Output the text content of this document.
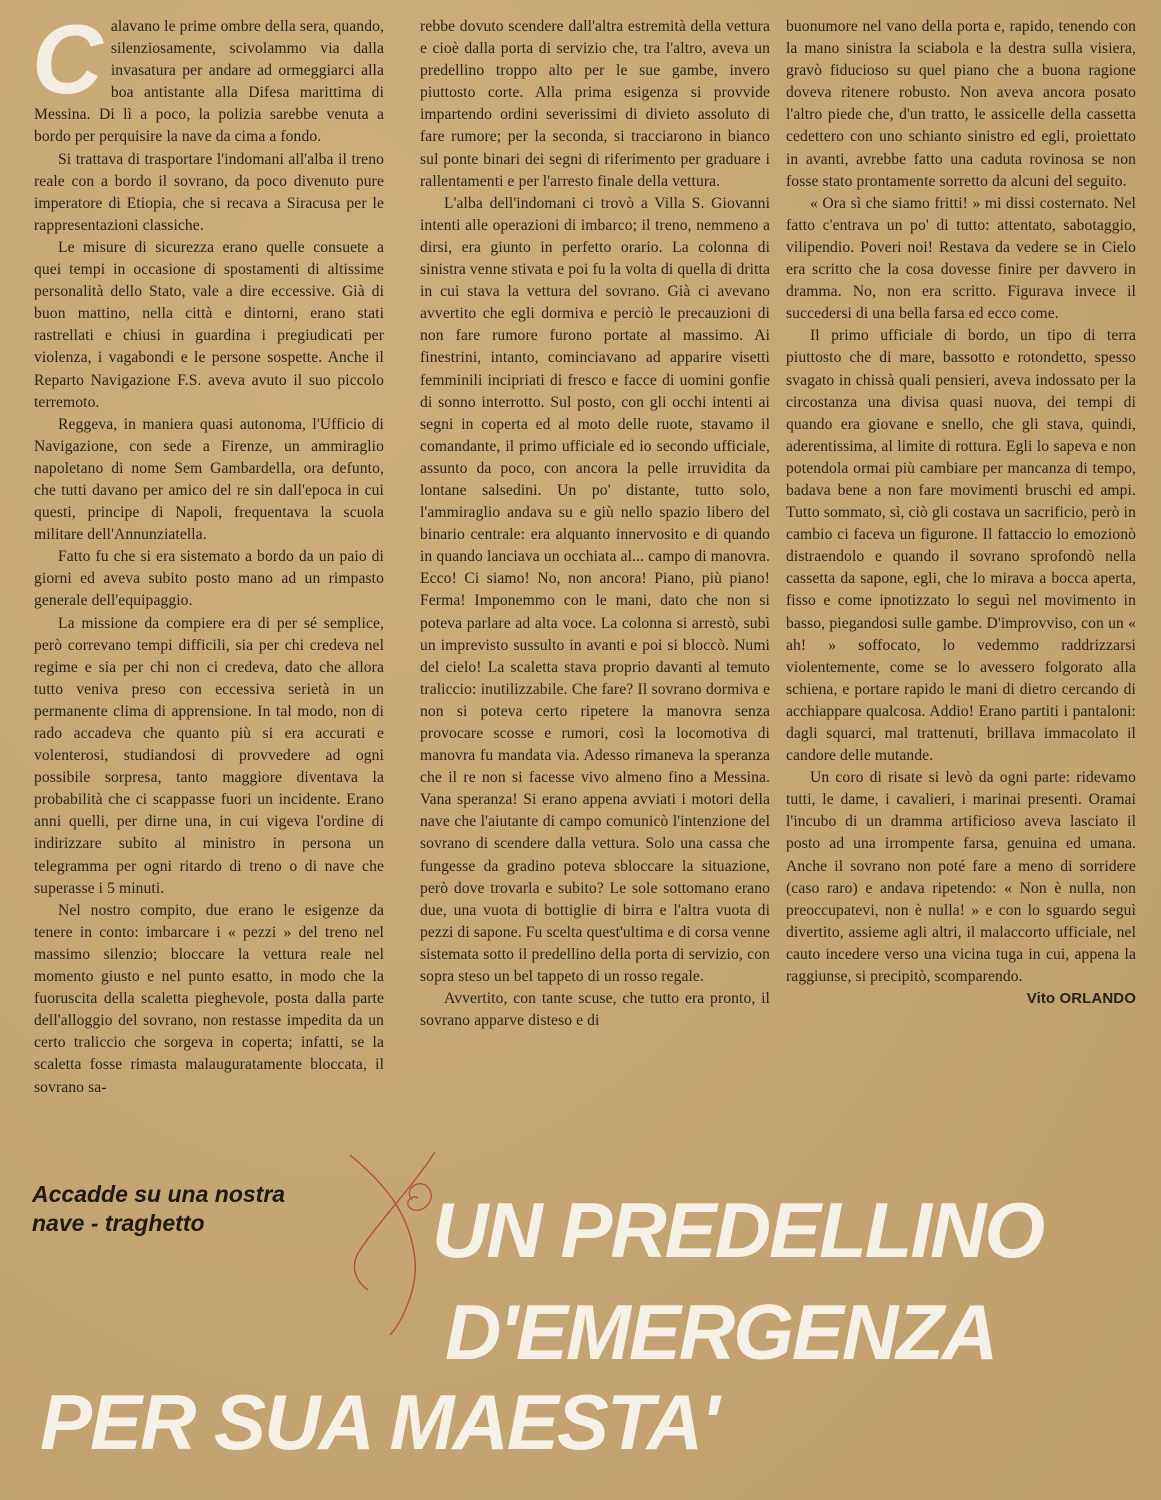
C alavano le prime ombre della sera, quando, silenziosamente, scivolammo via dalla invasatura per andare ad ormeggiarci alla boa antistante alla Difesa marittima di Messina. Di lì a poco, la polizia sarebbe venuta a bordo per perquisire la nave da cima a fondo.

Si trattava di trasportare l'indomani all'alba il treno reale con a bordo il sovrano, da poco divenuto pure imperatore di Etiopia, che si recava a Siracusa per le rappresentazioni classiche.

Le misure di sicurezza erano quelle consuete a quei tempi in occasione di spostamenti di altissime personalità dello Stato, vale a dire eccessive. Già di buon mattino, nella città e dintorni, erano stati rastrellati e chiusi in guardina i pregiudicati per violenza, i vagabondi e le persone sospette. Anche il Reparto Navigazione F.S. aveva avuto il suo piccolo terremoto.

Reggeva, in maniera quasi autonoma, l'Ufficio di Navigazione, con sede a Firenze, un ammiraglio napoletano di nome Sem Gambardella, ora defunto, che tutti davano per amico del re sin dall'epoca in cui questi, principe di Napoli, frequentava la scuola militare dell'Annunziatella.

Fatto fu che si era sistemato a bordo da un paio di giorni ed aveva subito posto mano ad un rimpasto generale dell'equipaggio.

La missione da compiere era di per sé semplice, però correvano tempi difficili, sia per chi credeva nel regime e sia per chi non ci credeva, dato che allora tutto veniva preso con eccessiva serietà in un permanente clima di apprensione. In tal modo, non di rado accadeva che quanto più si era accurati e volenterosi, studiandosi di provvedere ad ogni possibile sorpresa, tanto maggiore diventava la probabilità che ci scappasse fuori un incidente. Erano anni quelli, per dirne una, in cui vigeva l'ordine di indirizzare subito al ministro in persona un telegramma per ogni ritardo di treno o di nave che superasse i 5 minuti.

Nel nostro compito, due erano le esigenze da tenere in conto: imbarcare i « pezzi » del treno nel massimo silenzio; bloccare la vettura reale nel momento giusto e nel punto esatto, in modo che la fuoruscita della scaletta pieghevole, posta dalla parte dell'alloggio del sovrano, non restasse impedita da un certo traliccio che sorgeva in coperta; infatti, se la scaletta fosse rimasta malauguratamente bloccata, il sovrano sa-

rebbe dovuto scendere dall'altra estremità della vettura e cioè dalla porta di servizio che, tra l'altro, aveva un predellino troppo alto per le sue gambe, invero piuttosto corte. Alla prima esigenza si provvide impartendo ordini severissimi di divieto assoluto di fare rumore; per la seconda, si tracciarono in bianco sul ponte binari dei segni di riferimento per graduare i rallentamenti e per l'arresto finale della vettura.

L'alba dell'indomani ci trovò a Villa S. Giovanni intenti alle operazioni di imbarco; il treno, nemmeno a dirsi, era giunto in perfetto orario. La colonna di sinistra venne stivata e poi fu la volta di quella di dritta in cui stava la vettura del sovrano. Già ci avevano avvertito che egli dormiva e perciò le precauzioni di non fare rumore furono portate al massimo. Ai finestrini, intanto, cominciavano ad apparire visetti femminili incipriati di fresco e facce di uomini gonfie di sonno interrotto. Sul posto, con gli occhi intenti ai segni in coperta ed al moto delle ruote, stavamo il comandante, il primo ufficiale ed io secondo ufficiale, assunto da poco, con ancora la pelle irruvidita da lontane salsedini. Un po' distante, tutto solo, l'ammiraglio andava su e giù nello spazio libero del binario centrale: era alquanto innervosito e di quando in quando lanciava un occhiata al... campo di manovra. Ecco! Ci siamo! No, non ancora! Piano, più piano! Ferma! Imponemmo con le mani, dato che non si poteva parlare ad alta voce. La colonna si arrestò, subì un imprevisto sussulto in avanti e poi si bloccò. Numi del cielo! La scaletta stava proprio davanti al temuto traliccio: inutilizzabile. Che fare? Il sovrano dormiva e non si poteva certo ripetere la manovra senza provocare scosse e rumori, così la locomotiva di manovra fu mandata via. Adesso rimaneva la speranza che il re non si facesse vivo almeno fino a Messina. Vana speranza! Si erano appena avviati i motori della nave che l'aiutante di campo comunicò l'intenzione del sovrano di scendere dalla vettura. Solo una cassa che fungesse da gradino poteva sbloccare la situazione, però dove trovarla e subito? Le sole sottomano erano due, una vuota di bottiglie di birra e l'altra vuota di pezzi di sapone. Fu scelta quest'ultima e di corsa venne sistemata sotto il predellino della porta di servizio, con sopra steso un bel tappeto di un rosso regale.

Avvertito, con tante scuse, che tutto era pronto, il sovrano apparve disteso e di

buonumore nel vano della porta e, rapido, tenendo con la mano sinistra la sciabola e la destra sulla visiera, gravò fiducioso su quel piano che a buona ragione doveva ritenere robusto. Non aveva ancora posato l'altro piede che, d'un tratto, le assicelle della cassetta cedettero con uno schianto sinistro ed egli, proiettato in avanti, avrebbe fatto una caduta rovinosa se non fosse stato prontamente sorretto da alcuni del seguito.

« Ora sì che siamo fritti! » mi dissi costernato. Nel fatto c'entrava un po' di tutto: attentato, sabotaggio, vilipendio. Poveri noi! Restava da vedere se in Cielo era scritto che la cosa dovesse finire per davvero in dramma. No, non era scritto. Figurava invece il succedersi di una bella farsa ed ecco come.

Il primo ufficiale di bordo, un tipo di terra piuttosto che di mare, bassotto e rotondetto, spesso svagato in chissà quali pensieri, aveva indossato per la circostanza una divisa quasi nuova, dei tempi di quando era giovane e snello, che gli stava, quindi, aderentissima, al limite di rottura. Egli lo sapeva e non potendola ormai più cambiare per mancanza di tempo, badava bene a non fare movimenti bruschi ed ampi. Tutto sommato, sì, ciò gli costava un sacrificio, però in cambio ci faceva un figurone. Il fattaccio lo emozionò distraendolo e quando il sovrano sprofondò nella cassetta da sapone, egli, che lo mirava a bocca aperta, fisso e come ipnotizzato lo seguì nel movimento in basso, piegandosi sulle gambe. D'improvviso, con un « ah! » soffocato, lo vedemmo raddrizzarsi violentemente, come se lo avessero folgorato alla schiena, e portare rapido le mani di dietro cercando di acchiappare qualcosa. Addio! Erano partiti i pantaloni: dagli squarci, mal trattenuti, brillava immacolato il candore delle mutande.

Un coro di risate si levò da ogni parte: ridevamo tutti, le dame, i cavalieri, i marinai presenti. Oramai l'incubo di un dramma artificioso aveva lasciato il posto ad una irrompente farsa, genuina ed umana. Anche il sovrano non poté fare a meno di sorridere (caso raro) e andava ripetendo: « Non è nulla, non preoccupatevi, non è nulla! » e con lo sguardo seguì divertito, assieme agli altri, il malaccorto ufficiale, nel cauto incedere verso una vicina tuga in cui, appena la raggiunse, si precipitò, scomparendo.

Vito ORLANDO

Accadde su una nostra
nave - traghetto	UN PREDELLINO
D'EMERGENZA
PER SUA MAESTA'
